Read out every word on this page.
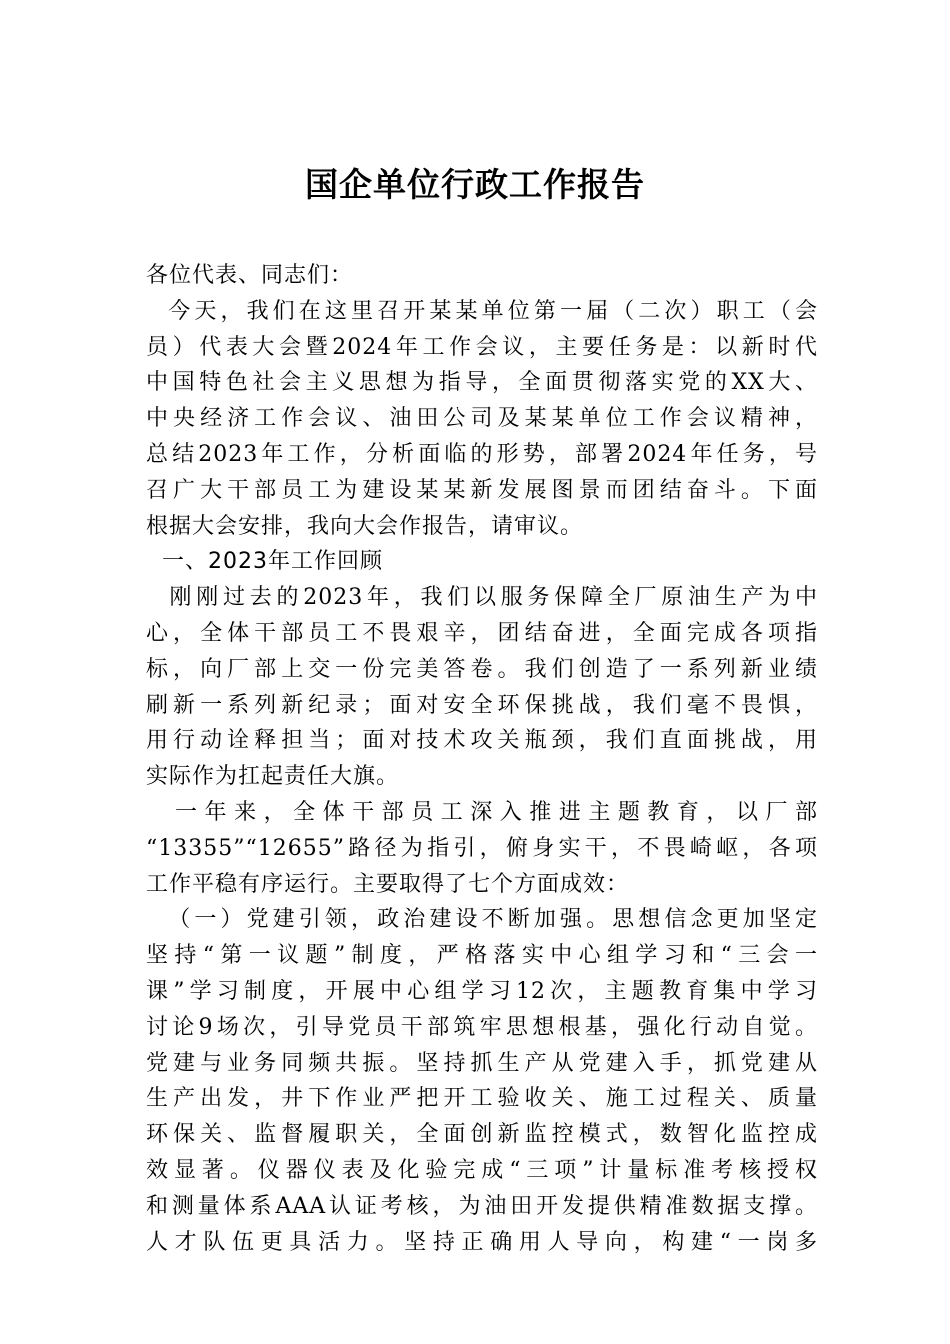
国企单位行政工作报告
各位代表、同志们：
今天，我们在这里召开某某单位第一届（二次）职工（会
员）代表大会暨2024年工作会议，主要任务是：以新时代
中国特色社会主义思想为指导，全面贯彻落实党的XX大、
中央经济工作会议、油田公司及某某单位工作会议精神，
总结2023年工作，分析面临的形势，部署2024年任务，号
召广大干部员工为建设某某新发展图景而团结奋斗。下面
根据大会安排，我向大会作报告，请审议。
一、2023年工作回顾
刚刚过去的2023年，我们以服务保障全厂原油生产为中
心，全体干部员工不畏艰辛，团结奋进，全面完成各项指
标，向厂部上交一份完美答卷。我们创造了一系列新业绩
刷新一系列新纪录；面对安全环保挑战，我们毫不畏惧，
用行动诠释担当；面对技术攻关瓶颈，我们直面挑战，用
实际作为扛起责任大旗。
一年来，全体干部员工深入推进主题教育，以厂部
“13355”“12655”路径为指引，俯身实干，不畏崎岖，各项
工作平稳有序运行。主要取得了七个方面成效：
（一）党建引领，政治建设不断加强。思想信念更加坚定
坚持“第一议题”制度，严格落实中心组学习和“三会一
课”学习制度，开展中心组学习12次，主题教育集中学习
讨论9场次，引导党员干部筑牢思想根基，强化行动自觉。
党建与业务同频共振。坚持抓生产从党建入手，抓党建从
生产出发，井下作业严把开工验收关、施工过程关、质量
环保关、监督履职关，全面创新监控模式，数智化监控成
效显著。仪器仪表及化验完成“三项”计量标准考核授权
和测量体系AAA认证考核，为油田开发提供精准数据支撑。
人才队伍更具活力。坚持正确用人导向，构建“一岗多
